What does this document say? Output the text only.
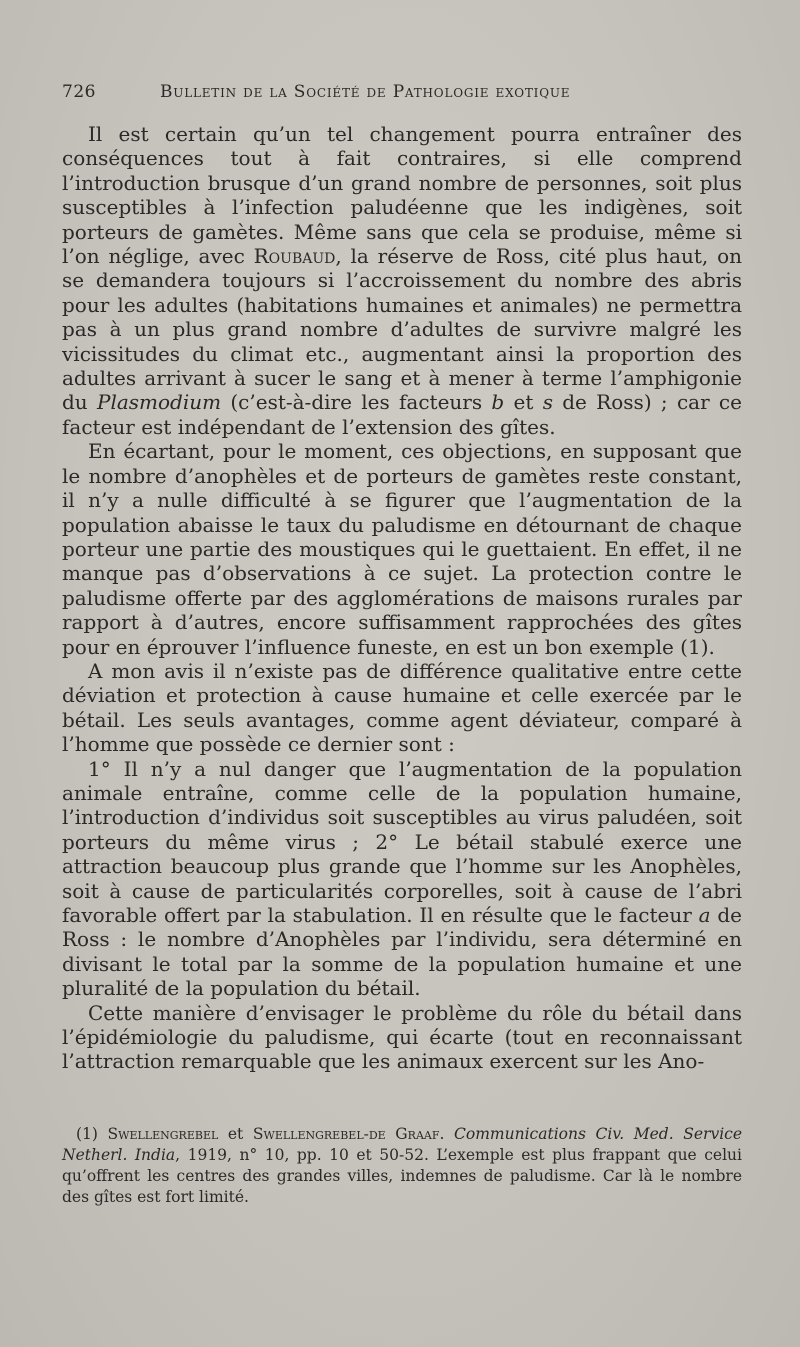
726	Bulletin de la Société de Pathologie exotique

Il est certain qu’un tel changement pourra entraîner des conséquences tout à fait contraires, si elle comprend l’introduction brusque d’un grand nombre de personnes, soit plus susceptibles à l’infection paludéenne que les indigènes, soit porteurs de gamètes. Même sans que cela se produise, même si l’on néglige, avec Roubaud, la réserve de Ross, cité plus haut, on se demandera toujours si l’accroissement du nombre des abris pour les adultes (habitations humaines et animales) ne permettra pas à un plus grand nombre d’adultes de survivre malgré les vicissitudes du climat etc., augmentant ainsi la proportion des adultes arrivant à sucer le sang et à mener à terme l’amphigonie du Plasmodium (c’est-à-dire les facteurs b et s de Ross) ; car ce facteur est indépendant de l’extension des gîtes.

En écartant, pour le moment, ces objections, en supposant que le nombre d’anophèles et de porteurs de gamètes reste constant, il n’y a nulle difficulté à se figurer que l’augmentation de la population abaisse le taux du paludisme en détournant de chaque porteur une partie des moustiques qui le guettaient. En effet, il ne manque pas d’observations à ce sujet. La protection contre le paludisme offerte par des agglomérations de maisons rurales par rapport à d’autres, encore suffisamment rapprochées des gîtes pour en éprouver l’influence funeste, en est un bon exemple (1).

A mon avis il n’existe pas de différence qualitative entre cette déviation et protection à cause humaine et celle exercée par le bétail. Les seuls avantages, comme agent déviateur, comparé à l’homme que possède ce dernier sont :

1° Il n’y a nul danger que l’augmentation de la population animale entraîne, comme celle de la population humaine, l’introduction d’individus soit susceptibles au virus paludéen, soit porteurs du même virus ; 2° Le bétail stabulé exerce une attraction beaucoup plus grande que l’homme sur les Anophèles, soit à cause de particularités corporelles, soit à cause de l’abri favorable offert par la stabulation. Il en résulte que le facteur a de Ross : le nombre d’Anophèles par l’individu, sera déterminé en divisant le total par la somme de la population humaine et une pluralité de la population du bétail.

Cette manière d’envisager le problème du rôle du bétail dans l’épidémiologie du paludisme, qui écarte (tout en reconnaissant l’attraction remarquable que les animaux exercent sur les Ano-

(1) Swellengrebel et Swellengrebel-de Graaf. Communications Civ. Med. Service Netherl. India, 1919, n° 10, pp. 10 et 50-52. L’exemple est plus frappant que celui qu’offrent les centres des grandes villes, indemnes de paludisme. Car là le nombre des gîtes est fort limité.
